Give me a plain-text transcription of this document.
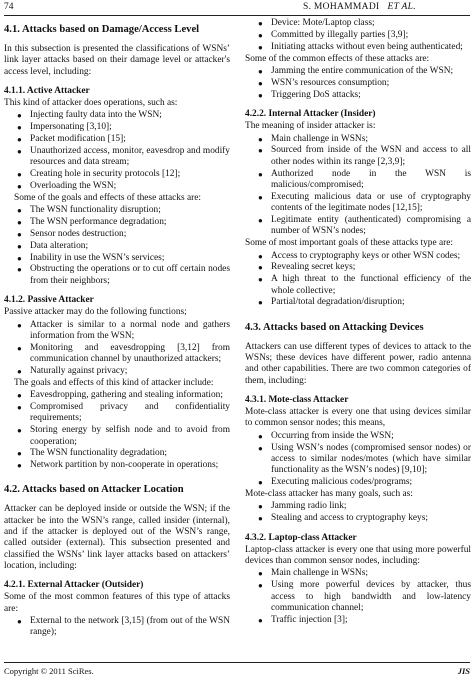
74	S. MOHAMMADI ET AL.
4.1. Attacks based on Damage/Access Level

In this subsection is presented the classifications of WSNs’ link layer attacks based on their damage level or attacker's access level, including:

4.1.1. Active Attacker

This kind of attacker does operations, such as:

● Injecting faulty data into the WSN;
● Impersonating [3,10];
● Packet modification [15];
● Unauthorized access, monitor, eavesdrop and modify resources and data stream;
● Creating hole in security protocols [12];
● Overloading the WSN;

Some of the goals and effects of these attacks are:

● The WSN functionality disruption;
● The WSN performance degradation;
● Sensor nodes destruction;
● Data alteration;
● Inability in use the WSN’s services;
● Obstructing the operations or to cut off certain nodes from their neighbors;
4.1.2. Passive Attacker

Passive attacker may do the following functions;

● Attacker is similar to a normal node and gathers information from the WSN;
● Monitoring and eavesdropping [3,12] from communication channel by unauthorized attackers;
● Naturally against privacy;

The goals and effects of this kind of attacker include:

● Eavesdropping, gathering and stealing information;
● Compromised privacy and confidentiality requirements;
● Storing energy by selfish node and to avoid from cooperation;
● The WSN functionality degradation;
● Network partition by non-cooperate in operations;
4.2. Attacks based on Attacker Location

Attacker can be deployed inside or outside the WSN; if the attacker be into the WSN’s range, called insider (internal), and if the attacker is deployed out of the WSN’s range, called outsider (external). This subsection presented and classified the WSNs’ link layer attacks based on attackers’ location, including:

4.2.1. External Attacker (Outsider)

Some of the most common features of this type of attacks are:

● External to the network [3,15] (from out of the WSN range);
● Device: Mote/Laptop class;
● Committed by illegally parties [3,9];
● Initiating attacks without even being authenticated;

Some of the common effects of these attacks are:

● Jamming the entire communication of the WSN;
● WSN’s resources consumption;
● Triggering DoS attacks;
4.2.2. Internal Attacker (Insider)

The meaning of insider attacker is:

● Main challenge in WSNs;
● Sourced from inside of the WSN and access to all other nodes within its range [2,3,9];
● Authorized node in the WSN is malicious/compromised;
● Executing malicious data or use of cryptography contents of the legitimate nodes [12,15];
● Legitimate entity (authenticated) compromising a number of WSN’s nodes;

Some of most important goals of these attacks type are:

● Access to cryptography keys or other WSN codes;
● Revealing secret keys;
● A high threat to the functional efficiency of the whole collective;
● Partial/total degradation/disruption;
4.3. Attacks based on Attacking Devices

Attackers can use different types of devices to attack to the WSNs; these devices have different power, radio antenna and other capabilities. There are two common categories of them, including:

4.3.1. Mote-class Attacker

Mote-class attacker is every one that using devices similar to common sensor nodes; this means,

● Occurring from inside the WSN;
● Using WSN’s nodes (compromised sensor nodes) or access to similar nodes/motes (which have similar functionality as the WSN’s nodes) [9,10];
● Executing malicious codes/programs;

Mote-class attacker has many goals, such as:

● Jamming radio link;
● Stealing and access to cryptography keys;
4.3.2. Laptop-class Attacker

Laptop-class attacker is every one that using more powerful devices than common sensor nodes, including:

● Main challenge in WSNs;
● Using more powerful devices by attacker, thus access to high bandwidth and low-latency communication channel;
● Traffic injection [3];
Copyright © 2011 SciRes.	JIS
